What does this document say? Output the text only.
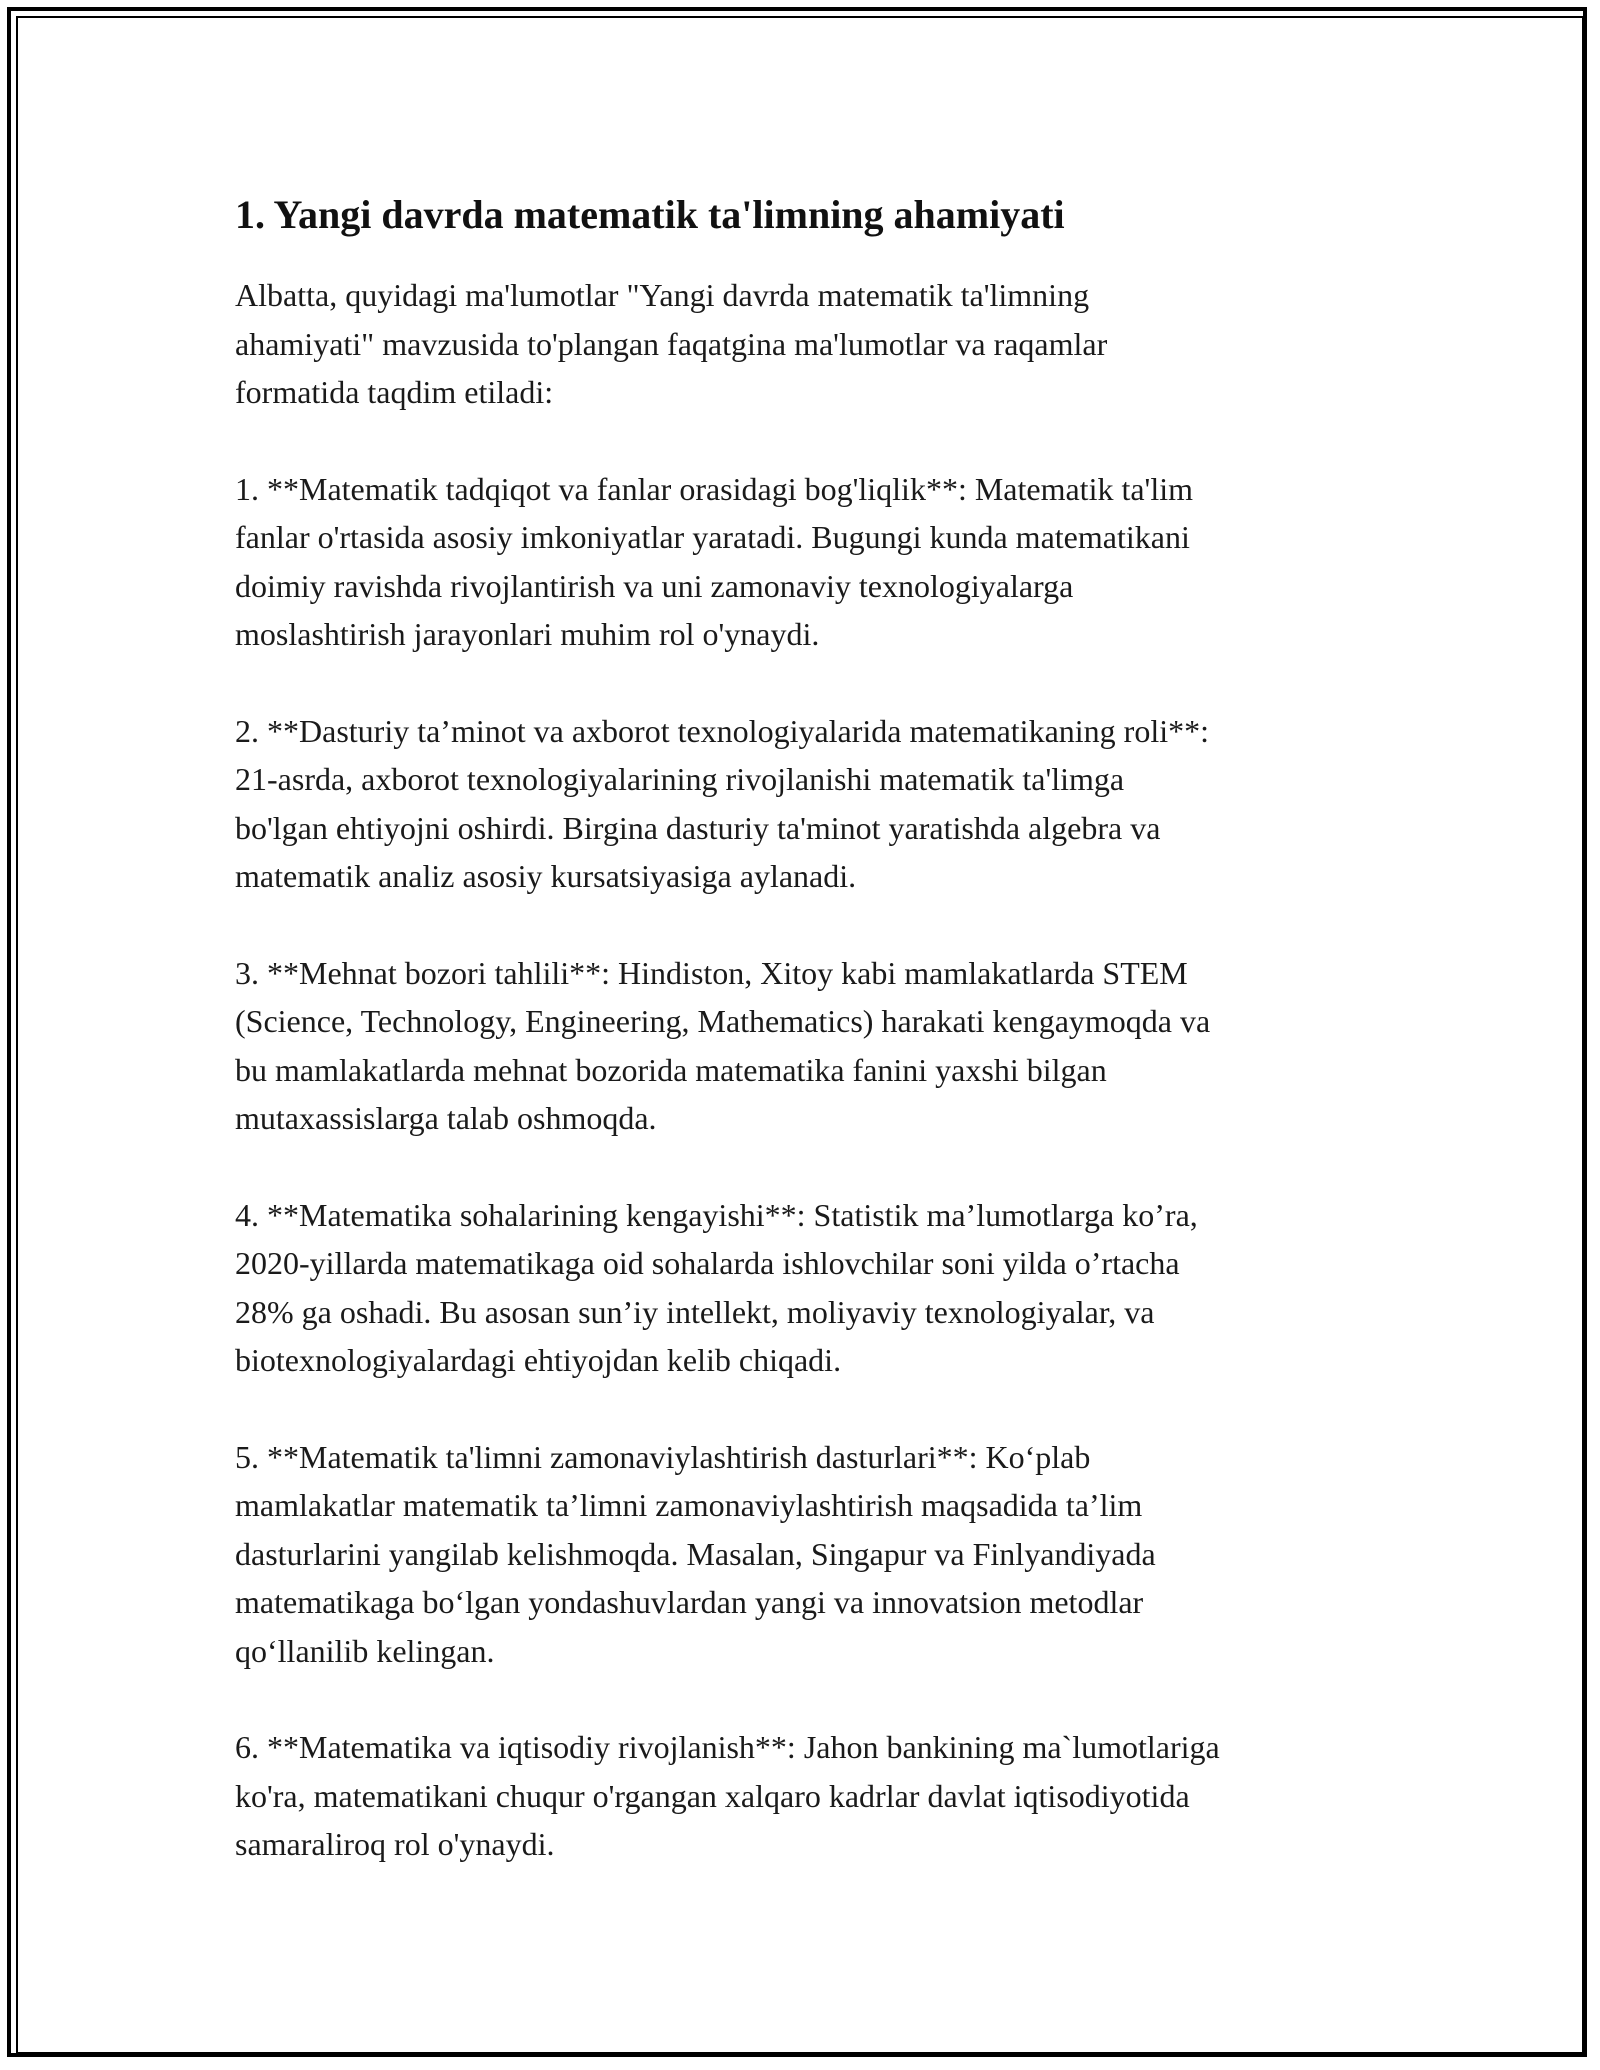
1. Yangi davrda matematik ta'limning ahamiyati

Albatta, quyidagi ma'lumotlar "Yangi davrda matematik ta'limning
ahamiyati" mavzusida to'plangan faqatgina ma'lumotlar va raqamlar
formatida taqdim etiladi:

1. **Matematik tadqiqot va fanlar orasidagi bog'liqlik**: Matematik ta'lim
fanlar o'rtasida asosiy imkoniyatlar yaratadi. Bugungi kunda matematikani
doimiy ravishda rivojlantirish va uni zamonaviy texnologiyalarga
moslashtirish jarayonlari muhim rol o'ynaydi.

2. **Dasturiy ta’minot va axborot texnologiyalarida matematikaning roli**:
21-asrda, axborot texnologiyalarining rivojlanishi matematik ta'limga
bo'lgan ehtiyojni oshirdi. Birgina dasturiy ta'minot yaratishda algebra va
matematik analiz asosiy kursatsiyasiga aylanadi.

3. **Mehnat bozori tahlili**: Hindiston, Xitoy kabi mamlakatlarda STEM
(Science, Technology, Engineering, Mathematics) harakati kengaymoqda va
bu mamlakatlarda mehnat bozorida matematika fanini yaxshi bilgan
mutaxassislarga talab oshmoqda.

4. **Matematika sohalarining kengayishi**: Statistik ma’lumotlarga ko’ra,
2020-yillarda matematikaga oid sohalarda ishlovchilar soni yilda o’rtacha
28% ga oshadi. Bu asosan sun’iy intellekt, moliyaviy texnologiyalar, va
biotexnologiyalardagi ehtiyojdan kelib chiqadi.

5. **Matematik ta'limni zamonaviylashtirish dasturlari**: Ko‘plab
mamlakatlar matematik ta’limni zamonaviylashtirish maqsadida ta’lim
dasturlarini yangilab kelishmoqda. Masalan, Singapur va Finlyandiyada
matematikaga bo‘lgan yondashuvlardan yangi va innovatsion metodlar
qo‘llanilib kelingan.

6. **Matematika va iqtisodiy rivojlanish**: Jahon bankining ma`lumotlariga
ko'ra, matematikani chuqur o'rgangan xalqaro kadrlar davlat iqtisodiyotida
samaraliroq rol o'ynaydi.
